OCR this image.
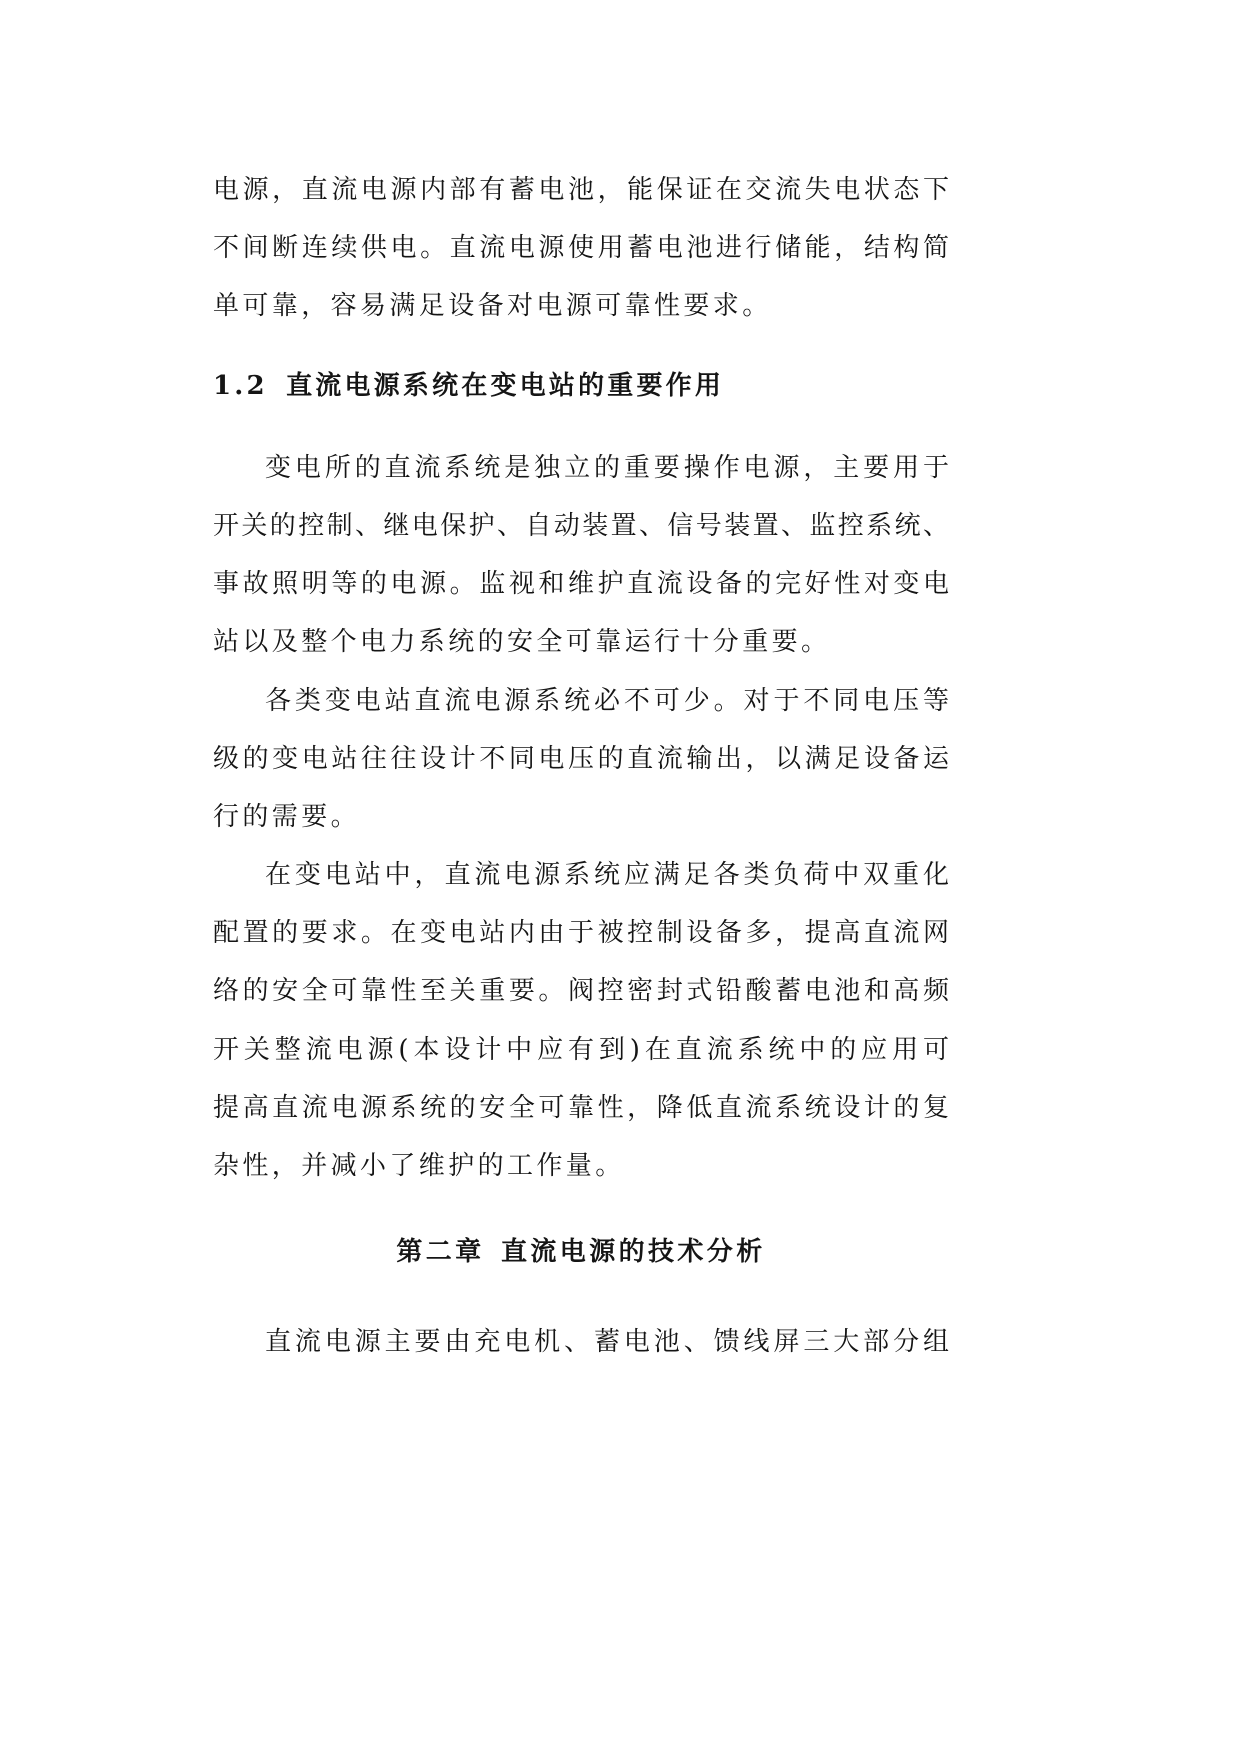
电源，直流电源内部有蓄电池，能保证在交流失电状态下
不间断连续供电。直流电源使用蓄电池进行储能，结构简
单可靠，容易满足设备对电源可靠性要求。
1.2 直流电源系统在变电站的重要作用
变电所的直流系统是独立的重要操作电源，主要用于
开关的控制、继电保护、自动装置、信号装置、监控系统、
事故照明等的电源。监视和维护直流设备的完好性对变电
站以及整个电力系统的安全可靠运行十分重要。
各类变电站直流电源系统必不可少。对于不同电压等
级的变电站往往设计不同电压的直流输出，以满足设备运
行的需要。
在变电站中，直流电源系统应满足各类负荷中双重化
配置的要求。在变电站内由于被控制设备多，提高直流网
络的安全可靠性至关重要。阀控密封式铅酸蓄电池和高频
开关整流电源(本设计中应有到)在直流系统中的应用可
提高直流电源系统的安全可靠性，降低直流系统设计的复
杂性，并减小了维护的工作量。
第二章 直流电源的技术分析
直流电源主要由充电机、蓄电池、馈线屏三大部分组
